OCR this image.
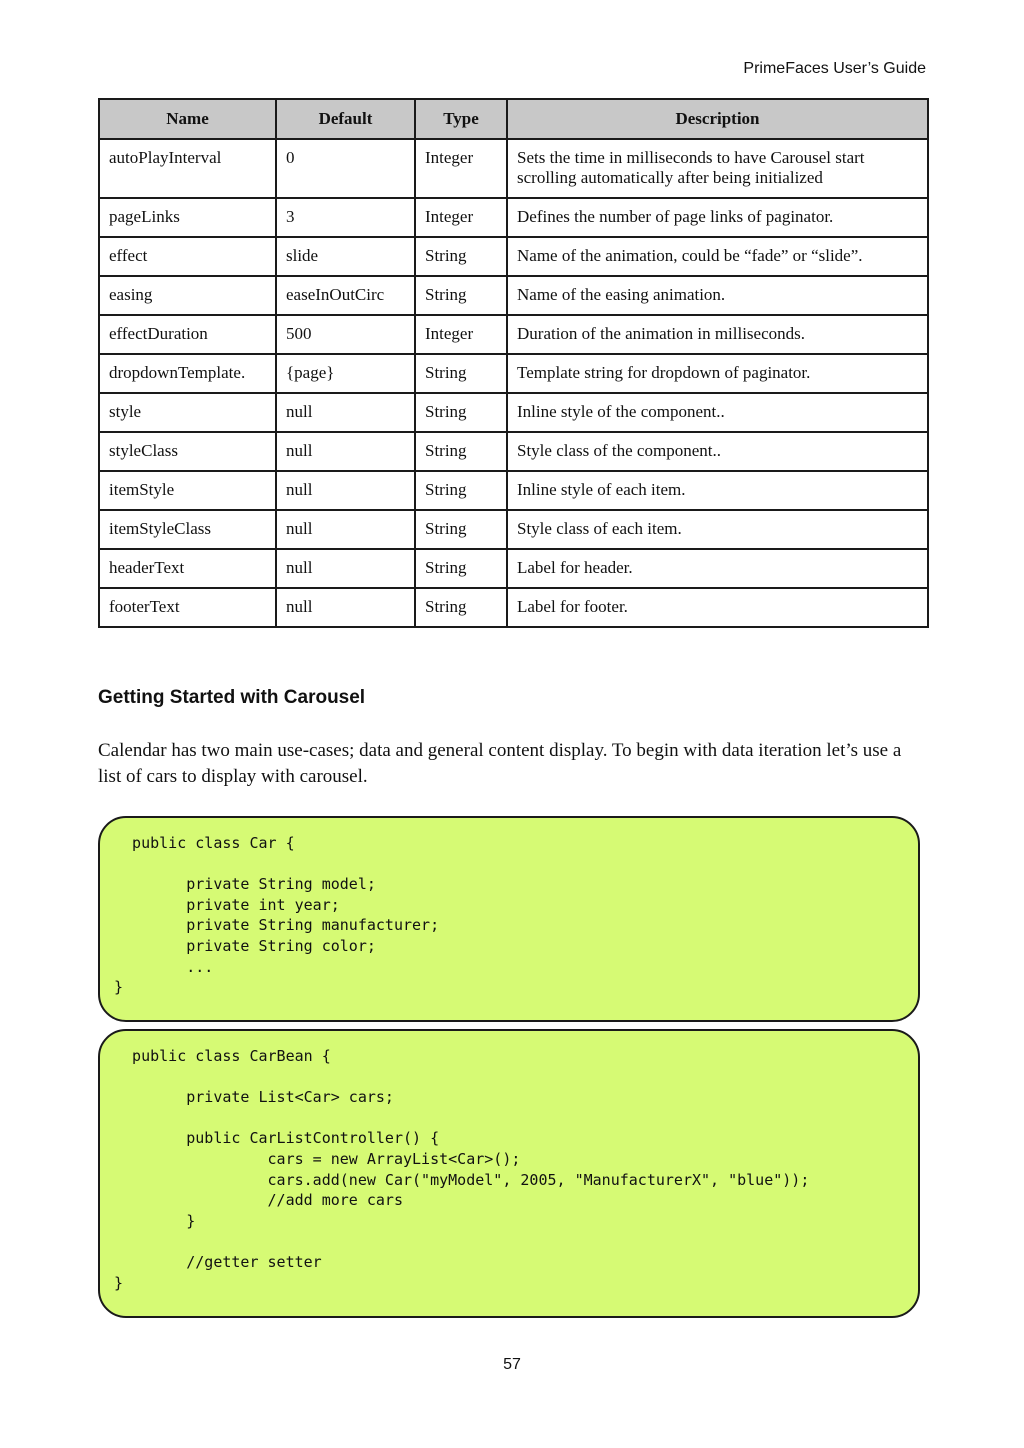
PrimeFaces User’s Guide
Name	Default	Type	Description
autoPlayInterval	0	Integer	Sets the time in milliseconds to have Carousel start scrolling automatically after being initialized
pageLinks	3	Integer	Defines the number of page links of paginator.
effect	slide	String	Name of the animation, could be “fade” or “slide”.
easing	easeInOutCirc	String	Name of the easing animation.
effectDuration	500	Integer	Duration of the animation in milliseconds.
dropdownTemplate.	{page}	String	Template string for dropdown of paginator.
style	null	String	Inline style of the component..
styleClass	null	String	Style class of the component..
itemStyle	null	String	Inline style of each item.
itemStyleClass	null	String	Style class of each item.
headerText	null	String	Label for header.
footerText	null	String	Label for footer.
Getting Started with Carousel
Calendar has two main use-cases; data and general content display. To begin with data iteration let’s use a list of cars to display with carousel.
public class Car {

private String model;
private int year;
private String manufacturer;
private String color;
...
}
public class CarBean {

private List<Car> cars;

public CarListController() {
cars = new ArrayList<Car>();
cars.add(new Car("myModel", 2005, "ManufacturerX", "blue"));
//add more cars
}

//getter setter
}
57
